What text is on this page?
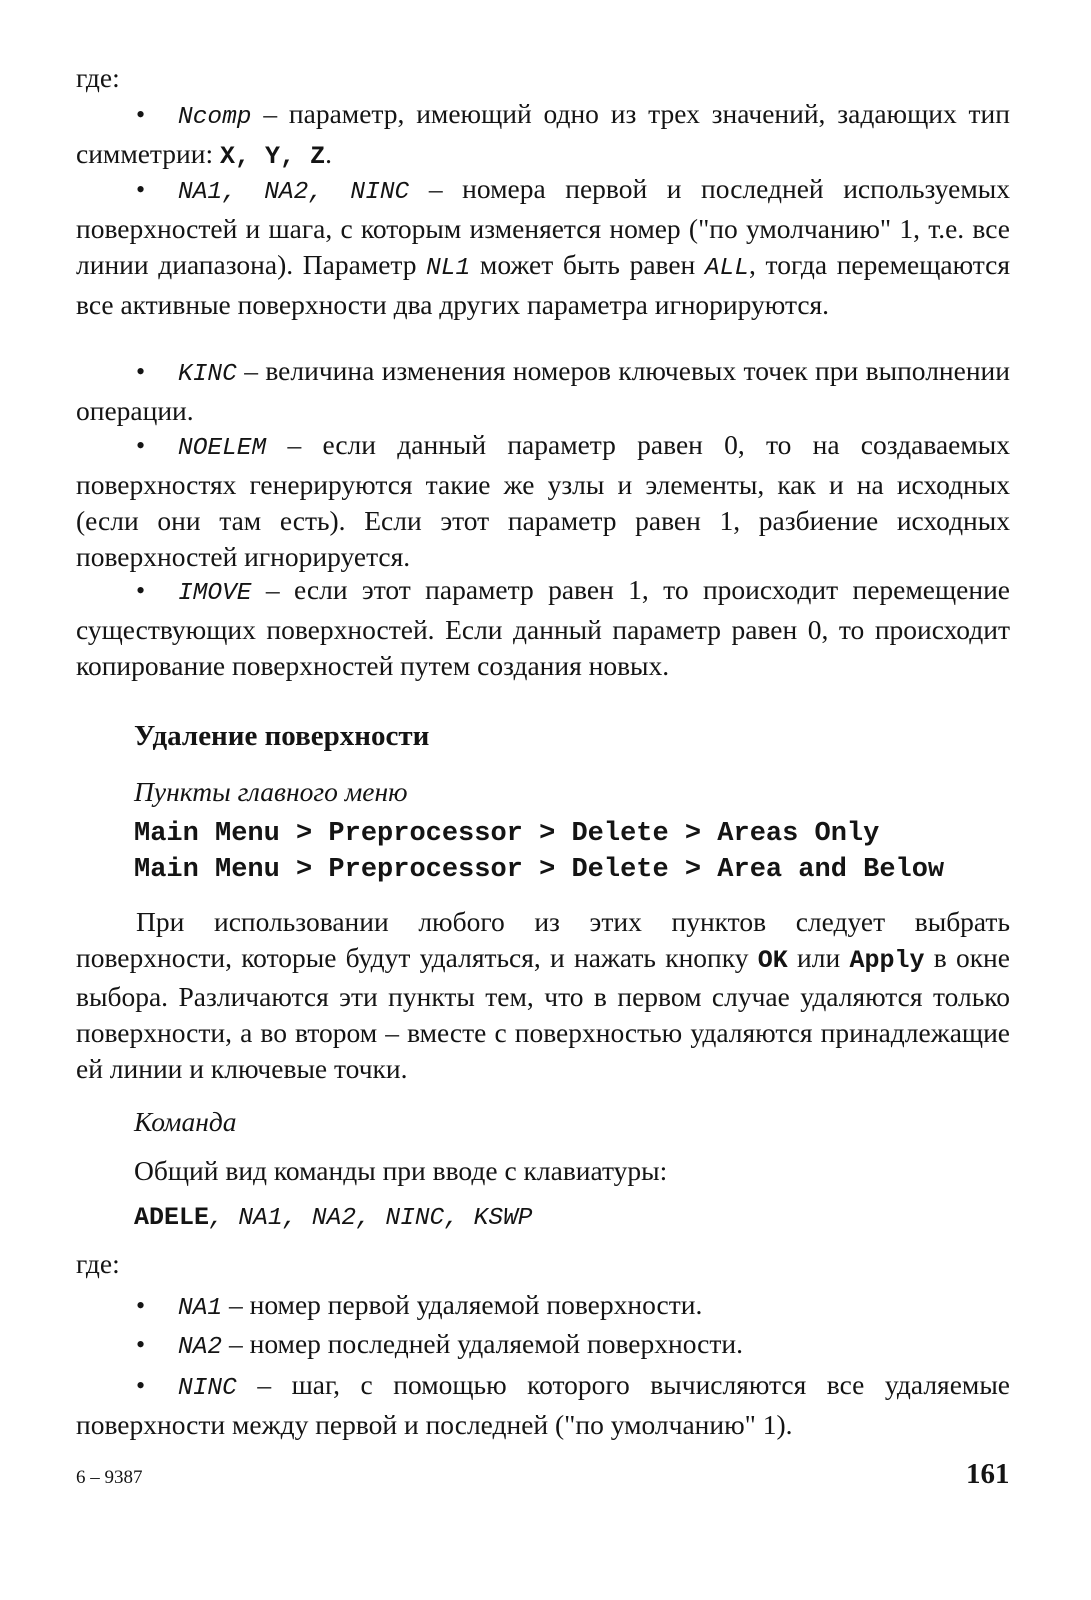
где:

• Ncomp – параметр, имеющий одно из трех значений, задающих тип симметрии: X, Y, Z.

• NA1, NA2, NINC – номера первой и последней используемых поверхностей и шага, с которым изменяется номер ("по умолчанию" 1, т.е. все линии диапазона). Параметр NL1 может быть равен ALL, тогда перемещаются все активные поверхности два других параметра игнорируются.

• KINC – величина изменения номеров ключевых точек при выполнении операции.

• NOELEM – если данный параметр равен 0, то на создаваемых поверхностях генерируются такие же узлы и элементы, как и на исходных (если они там есть). Если этот параметр равен 1, разбиение исходных поверхностей игнорируется.

• IMOVE – если этот параметр равен 1, то происходит перемещение существующих поверхностей. Если данный параметр равен 0, то происходит копирование поверхностей путем создания новых.

Удаление поверхности
Пункты главного меню
Main Menu > Preprocessor > Delete > Areas Only
Main Menu > Preprocessor > Delete > Area and Below

При использовании любого из этих пунктов следует выбрать поверхности, которые будут удаляться, и нажать кнопку OK или Apply в окне выбора. Различаются эти пункты тем, что в первом случае удаляются только поверхности, а во втором – вместе с поверхностью удаляются принадлежащие ей линии и ключевые точки.

Команда
Общий вид команды при вводе с клавиатуры:
ADELE, NA1, NA2, NINC, KSWP
где:

• NA1 – номер первой удаляемой поверхности.

• NA2 – номер последней удаляемой поверхности.

• NINC – шаг, с помощью которого вычисляются все удаляемые поверхности между первой и последней ("по умолчанию" 1).

6 – 9387	161
